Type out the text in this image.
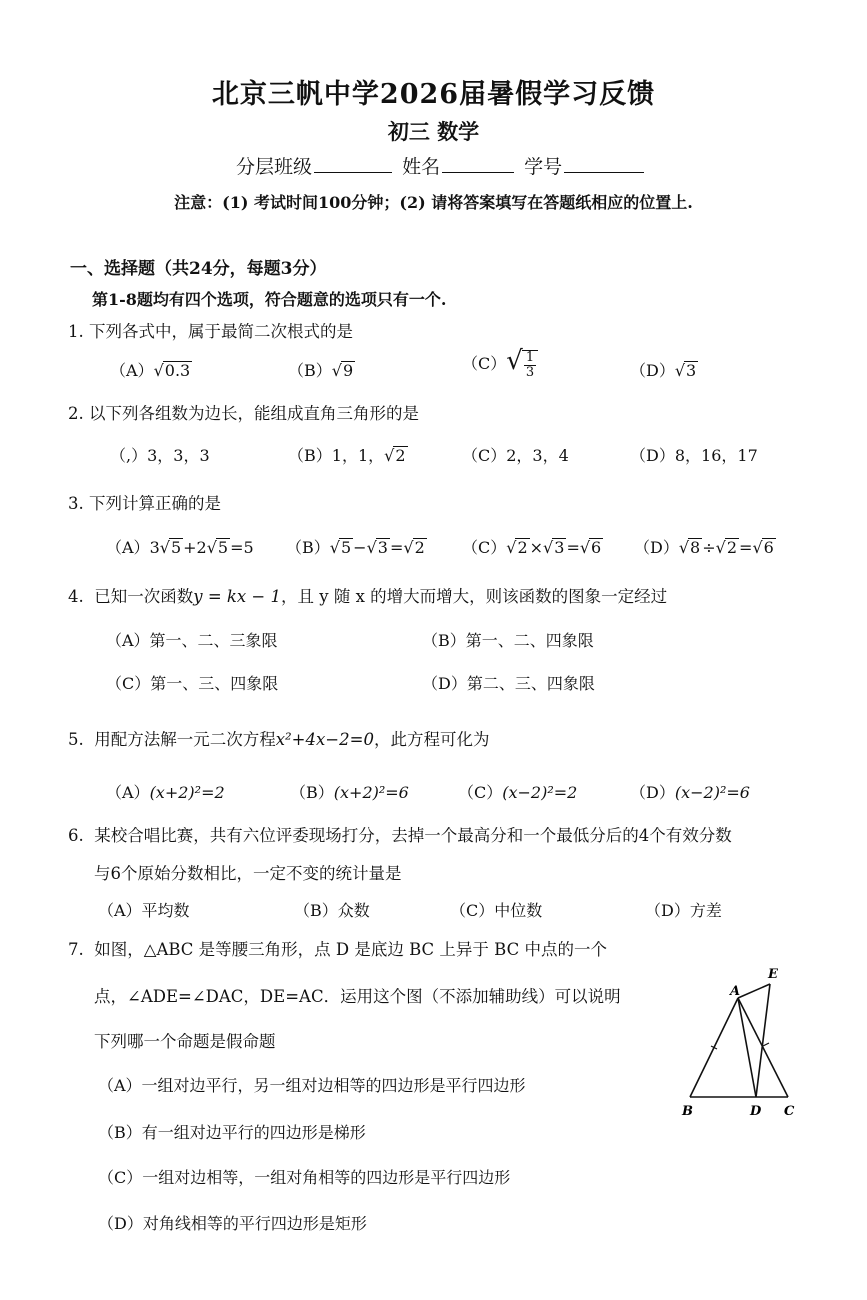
北京三帆中学2026届暑假学习反馈
初三 数学
分层班级	姓名	学号
注意：(1) 考试时间100分钟；(2) 请将答案填写在答题纸相应的位置上.
一、选择题（共24分，每题3分）
第1-8题均有四个选项，符合题意的选项只有一个.
1. 下列各式中，属于最简二次根式的是
（A）√0.3	（B）√9	$(C)√ \frac{1}{3}$	（D）√3
2. 以下列各组数为边长，能组成直角三角形的是
（,）3，3，3	（B）1，1，√2	（C）2，3，4	（D）8，16，17
3. 下列计算正确的是
（A）3√5 +2√5 =5 （B）√5 −√3 =√2 （C）√2 ×√3 =√6 （D）√8 ÷√2 =√6
4. 已知一次函数y = kx − 1，且 y 随 x 的增大而增大，则该函数的图象一定经过
（A）第一、二、三象限	（B）第一、二、四象限
（C）第一、三、四象限	（D）第二、三、四象限
5. 用配方法解一元二次方程x²+4x−2=0，此方程可化为
（A）(x+2)²=2	（B）(x+2)²=6	（C）(x−2)²=2	（D）(x−2)²=6
6. 某校合唱比赛，共有六位评委现场打分，去掉一个最高分和一个最低分后的4个有效分数
与6个原始分数相比，一定不变的统计量是
（A）平均数	（B）众数	（C）中位数	（D）方差
7. 如图，△ABC 是等腰三角形，点 D 是底边 BC 上异于 BC 中点的一个
点，∠ADE=∠DAC，DE=AC．运用这个图（不添加辅助线）可以说明
下列哪一个命题是假命题
（A）一组对边平行，另一组对边相等的四边形是平行四边形
（B）有一组对边平行的四边形是梯形
（C）一组对边相等，一组对角相等的四边形是平行四边形
（D）对角线相等的平行四边形是矩形
A
E
B	D C
